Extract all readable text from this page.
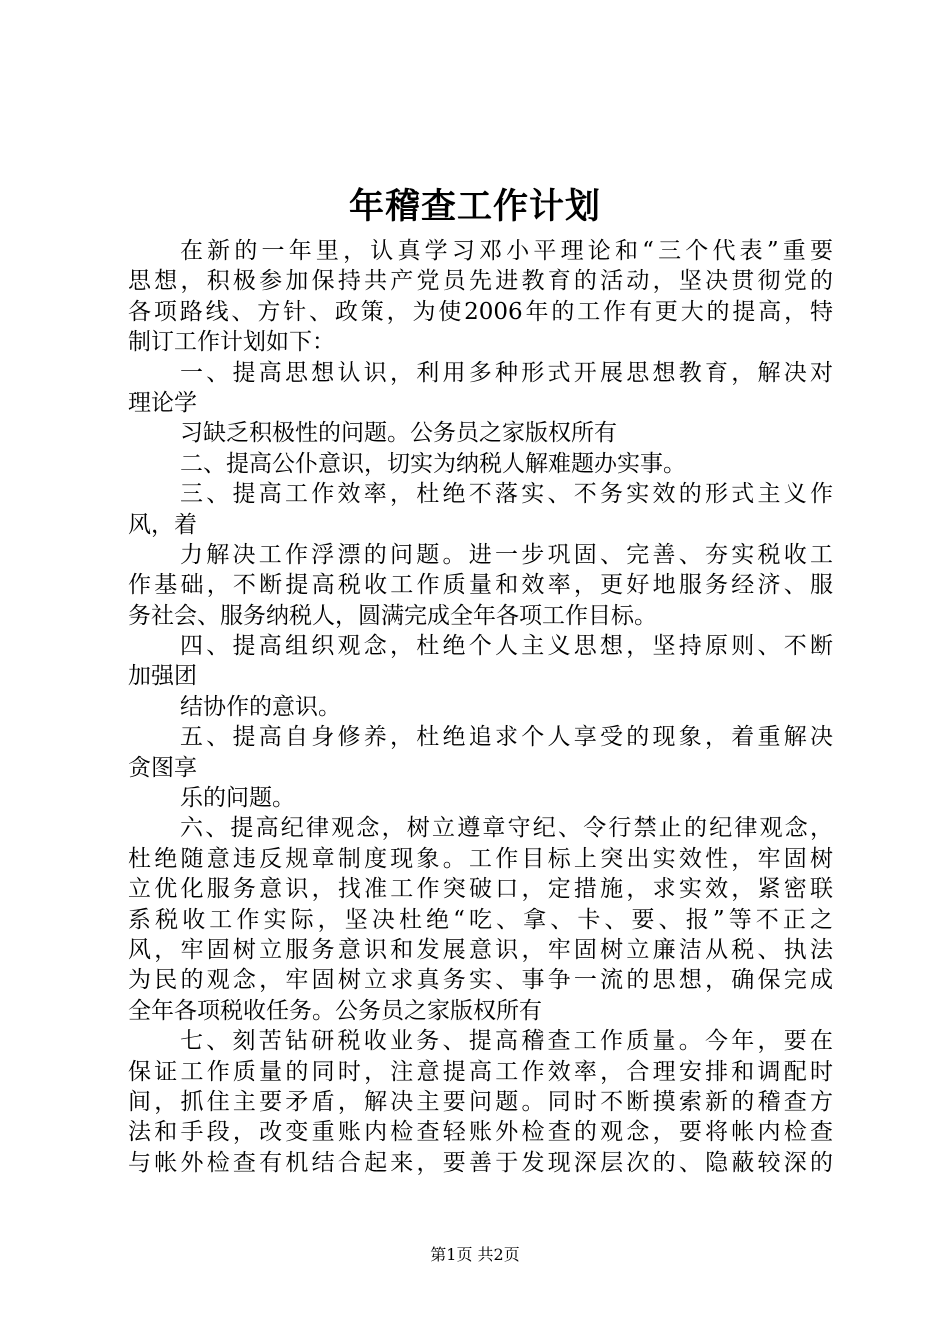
年稽查工作计划
在新的一年里，认真学习邓小平理论和“三个代表”重要
思想，积极参加保持共产党员先进教育的活动，坚决贯彻党的
各项路线、方针、政策，为使2006年的工作有更大的提高，特
制订工作计划如下：
一、提高思想认识，利用多种形式开展思想教育，解决对
理论学
习缺乏积极性的问题。公务员之家版权所有
二、提高公仆意识，切实为纳税人解难题办实事。
三、提高工作效率，杜绝不落实、不务实效的形式主义作
风，着
力解决工作浮漂的问题。进一步巩固、完善、夯实税收工
作基础，不断提高税收工作质量和效率，更好地服务经济、服
务社会、服务纳税人，圆满完成全年各项工作目标。
四、提高组织观念，杜绝个人主义思想，坚持原则、不断
加强团
结协作的意识。
五、提高自身修养，杜绝追求个人享受的现象，着重解决
贪图享
乐的问题。
六、提高纪律观念，树立遵章守纪、令行禁止的纪律观念，
杜绝随意违反规章制度现象。工作目标上突出实效性，牢固树
立优化服务意识，找准工作突破口，定措施，求实效，紧密联
系税收工作实际，坚决杜绝“吃、拿、卡、要、报”等不正之
风，牢固树立服务意识和发展意识，牢固树立廉洁从税、执法
为民的观念，牢固树立求真务实、事争一流的思想，确保完成
全年各项税收任务。公务员之家版权所有
七、刻苦钻研税收业务、提高稽查工作质量。今年，要在
保证工作质量的同时，注意提高工作效率，合理安排和调配时
间，抓住主要矛盾，解决主要问题。同时不断摸索新的稽查方
法和手段，改变重账内检查轻账外检查的观念，要将帐内检查
与帐外检查有机结合起来，要善于发现深层次的、隐蔽较深的
第1页 共2页
